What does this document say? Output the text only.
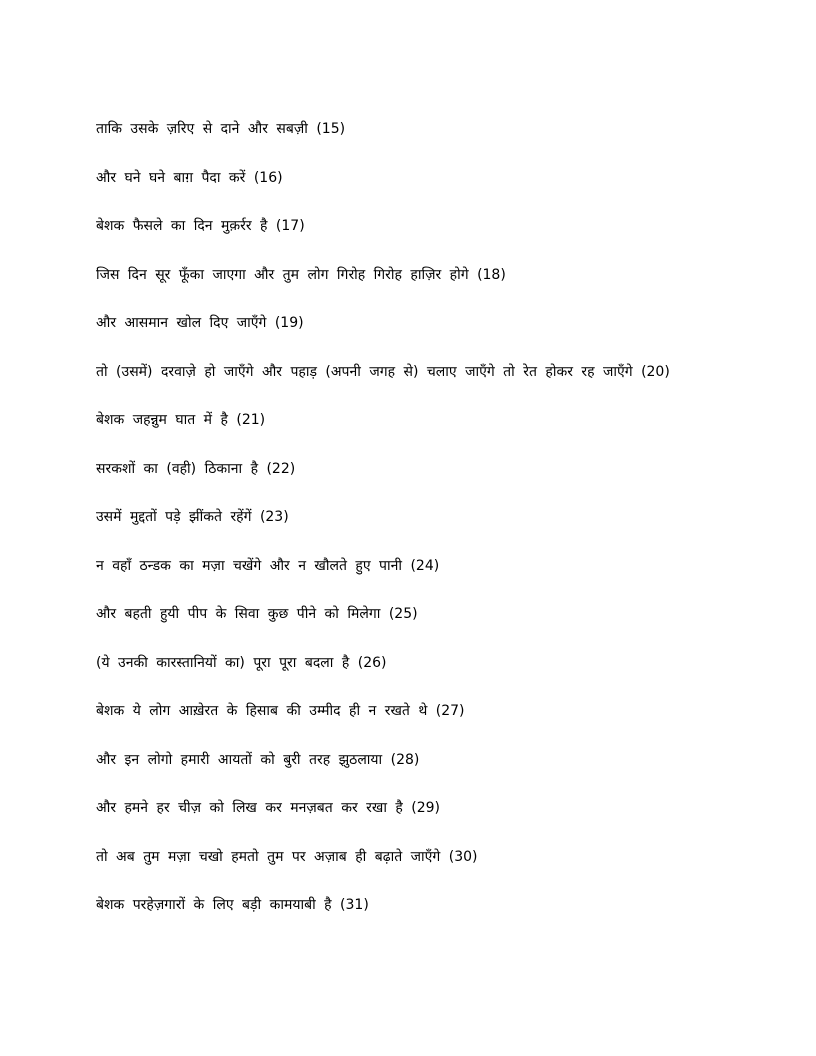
ताकि उसके ज़रिए से दाने और सबज़ी (15)

और घने घने बाग़ पैदा करें (16)

बेशक फैसले का दिन मुक़र्रर है (17)

जिस दिन सूर फूँका जाएगा और तुम लोग गिरोह गिरोह हाज़िर होगे (18)

और आसमान खोल दिए जाएँगे (19)

तो (उसमें) दरवाज़े हो जाएँगे और पहाड़ (अपनी जगह से) चलाए जाएँगे तो रेत होकर रह जाएँगे (20)

बेशक जहन्नुम घात में है (21)

सरकशों का (वही) ठिकाना है (22)

उसमें मुद्दतों पड़े झींकते रहेंगें (23)

न वहाँ ठन्डक का मज़ा चखेंगे और न खौलते हुए पानी (24)

और बहती हुयी पीप के सिवा कुछ पीने को मिलेगा (25)

(ये उनकी कारस्तानियों का) पूरा पूरा बदला है (26)

बेशक ये लोग आख़ेरत के हिसाब की उम्मीद ही न रखते थे (27)

और इन लोगो हमारी आयतों को बुरी तरह झुठलाया (28)

और हमने हर चीज़ को लिख कर मनज़बत कर रखा है (29)

तो अब तुम मज़ा चखो हमतो तुम पर अज़ाब ही बढ़ाते जाएँगे (30)

बेशक परहेज़गारों के लिए बड़ी कामयाबी है (31)
